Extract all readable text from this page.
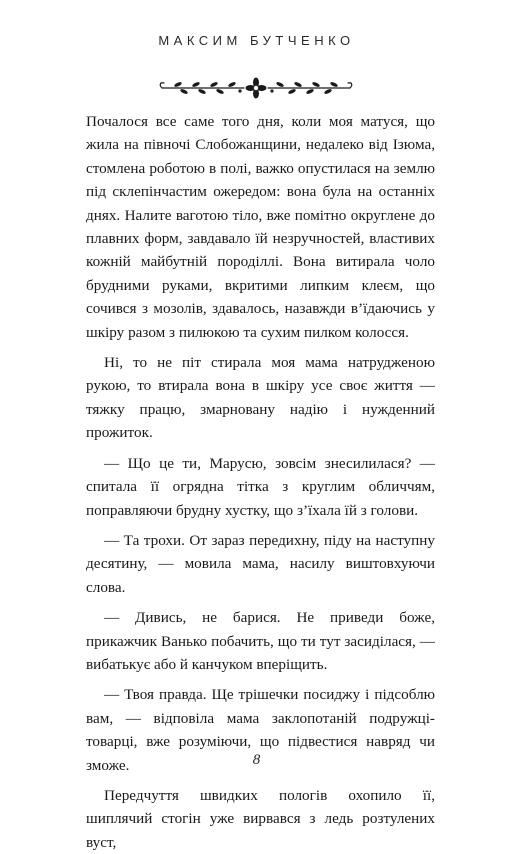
МАКСИМ БУТЧЕНКО

Почалося все саме того дня, коли моя матуся, що жила на півночі Слобожанщини, недалеко від Ізюма, стомлена роботою в полі, важко опустилася на землю під склепінчастим ожередом: вона була на останніх днях. Налите ваготою тіло, вже помітно округлене до плавних форм, завдавало їй незручностей, властивих кожній майбутній породіллі. Вона витирала чоло брудними руками, вкритими липким клеєм, що сочився з мозолів, здавалось, назавжди в’їдаючись у шкіру разом з пилюкою та сухим пилком колосся.

Ні, то не піт стирала моя мама натрудженою рукою, то втирала вона в шкіру усе своє життя — тяжку працю, змарновану надію і нужденний прожиток.

— Що це ти, Марусю, зовсім знесилилася? — спитала її огрядна тітка з круглим обличчям, поправляючи брудну хустку, що з’їхала їй з голови.

— Та трохи. От зараз передихну, піду на наступну десятину, — мовила мама, насилу виштовхуючи слова.

— Дивись, не барися. Не приведи боже, прикажчик Ванько побачить, що ти тут засиділася, — вибатькує або й канчуком вперіщить.

— Твоя правда. Ще трішечки посиджу і підсоблю вам, — відповіла мама заклопотаній подружці-товарці, вже розуміючи, що підвестися навряд чи зможе.

Передчуття швидких пологів охопило її, шиплячий стогін уже вирвався з ледь розтулених вуст,

8
